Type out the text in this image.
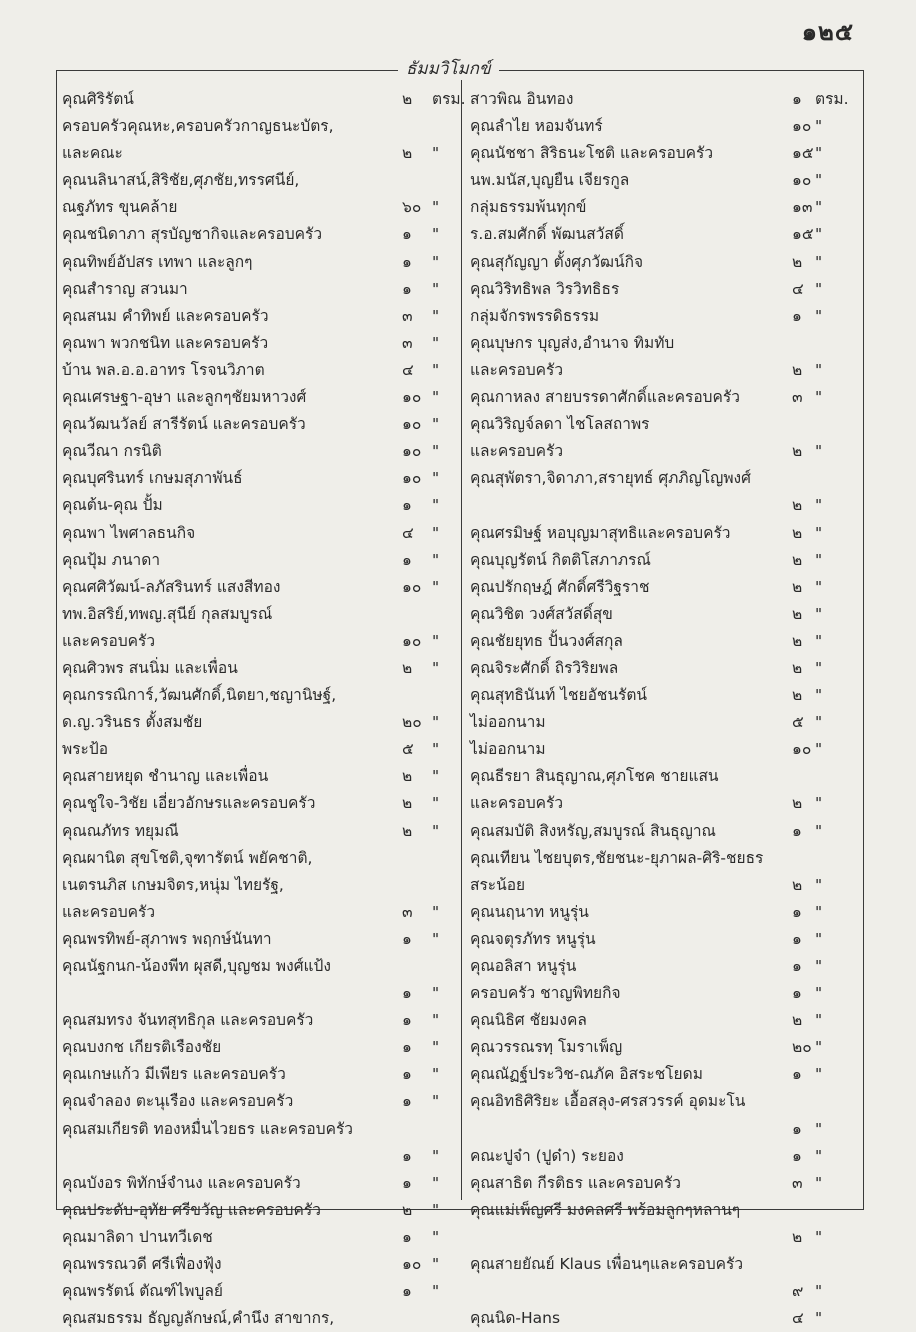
๑๒๕
ธัมมวิโมกข์
คุณศิริรัตน์	๒ ตรม.
ครอบครัวคุณหะ,ครอบครัวกาญธนะบัตร,
และคณะ	๒ "
คุณนลินาสน์,สิริชัย,ศุภชัย,ทรรศนีย์,
ณฐภัทร ขุนคล้าย	๖๐ "
คุณชนิดาภา สุรบัญชากิจและครอบครัว	๑ "
คุณทิพย์อัปสร เทพา และลูกๆ	๑ "
คุณสำราญ สวนมา	๑ "
คุณสนม คำทิพย์ และครอบครัว	๓ "
คุณพา พวกชนิท และครอบครัว	๓ "
บ้าน พล.อ.อ.อาทร โรจนวิภาต	๔ "
คุณเศรษฐา-อุษา และลูกๆชัยมหาวงศ์	๑๐ "
คุณวัฒนวัลย์ สารีรัตน์ และครอบครัว	๑๐ "
คุณวีณา กรนิติ	๑๐ "
คุณบุศรินทร์ เกษมสุภาพันธ์	๑๐ "
คุณต้น-คุณ ปั้ม	๑ "
คุณพา ไพศาลธนกิจ	๔ "
คุณปุ้ม ภนาดา	๑ "
คุณศศิวัฒน์-ลภัสรินทร์ แสงสีทอง	๑๐ "
ทพ.อิสริย์,ทพญ.สุนีย์ กุลสมบูรณ์
และครอบครัว	๑๐ "
คุณศิวพร สนนิ่ม และเพื่อน	๒ "
คุณกรรณิการ์,วัฒนศักดิ์,นิตยา,ชญานิษฐ์,
ด.ญ.วรินธร ตั้งสมชัย	๒๐ "
พระป้อ	๕ "
คุณสายหยุด ชำนาญ และเพื่อน	๒ "
คุณชูใจ-วิชัย เอี่ยวอักษรและครอบครัว	๒ "
คุณณภัทร ทยุมณี	๒ "
คุณผานิต สุขโชติ,จุฑารัตน์ พยัคชาติ,
เนตรนภิส เกษมจิตร,หนุ่ม ไทยรัฐ,
และครอบครัว	๓ "
คุณพรทิพย์-สุภาพร พฤกษ์นันทา	๑ "
คุณนัฐกนก-น้องพีท ผุสดี,บุญชม พงศ์แป้ง
๑ "
คุณสมทรง จันทสุทธิกุล และครอบครัว	๑ "
คุณบงกช เกียรติเรืองชัย	๑ "
คุณเกษแก้ว มีเพียร และครอบครัว	๑ "
คุณจำลอง ตะนุเรือง และครอบครัว	๑ "
คุณสมเกียรติ ทองหมื่นไวยธร และครอบครัว
๑ "
คุณบังอร พิทักษ์จำนง และครอบครัว	๑ "
คุณประดับ-อุทัย ศรีขวัญ และครอบครัว	๒ "
คุณมาลิดา ปานทวีเดช	๑ "
คุณพรรณวดี ศรีเฟื่องฟุ้ง	๑๐ "
คุณพรรัตน์ ตัณฑ์ไพบูลย์	๑ "
คุณสมธรรม ธัญญลักษณ์,คำนึง สาขากร,
สาวพิณ อินทอง	๑ ตรม.
คุณลำไย หอมจันทร์	๑๐ "
คุณนัชชา สิริธนะโชติ และครอบครัว	๑๕ "
นพ.มนัส,บุญยืน เจียรกูล	๑๐ "
กลุ่มธรรมพ้นทุกข์	๑๓ "
ร.อ.สมศักดิ์ พัฒนสวัสดิ์	๑๕ "
คุณสุกัญญา ตั้งศุภวัฒน์กิจ	๒ "
คุณวิริทธิพล วิรวิทธิธร	๔ "
กลุ่มจักรพรรดิธรรม	๑ "
คุณบุษกร บุญส่ง,อำนาจ ทิมทับ
และครอบครัว	๒ "
คุณกาหลง สายบรรดาศักดิ์และครอบครัว	๓ "
คุณวิริญจ์ลดา ไชโลสถาพร
และครอบครัว	๒ "
คุณสุพัตรา,จิดาภา,สรายุทธ์ ศุภภิญโญพงศ์
๒ "
คุณศรมิษฐ์ หอบุญมาสุทธิและครอบครัว	๒ "
คุณบุญรัตน์ กิตติโสภาภรณ์	๒ "
คุณปรักฤษฎ์ ศักดิ์ศรีวิฐราช	๒ "
คุณวิชิต วงศ์สวัสดิ์สุข	๒ "
คุณชัยยุทธ ปั้นวงศ์สกุล	๒ "
คุณจิระศักดิ์ ถิรวิริยพล	๒ "
คุณสุทธินันท์ ไชยอัชนรัตน์	๒ "
ไม่ออกนาม	๕ "
ไม่ออกนาม	๑๐ "
คุณธีรยา สินธุญาณ,ศุภโชค ชายแสน
และครอบครัว	๒ "
คุณสมบัติ สิงหรัญ,สมบูรณ์ สินธุญาณ	๑ "
คุณเทียน ไชยบุตร,ชัยชนะ-ยุภาผล-ศิริ-ชยธร
สระน้อย	๒ "
คุณนฤนาท หนูรุ่น	๑ "
คุณจตุรภัทร หนูรุ่น	๑ "
คุณอลิสา หนูรุ่น	๑ "
ครอบครัว ชาญพิทยกิจ	๑ "
คุณนิธิศ ชัยมงคล	๒ "
คุณวรรณรทฺ โมราเพ็ญ	๒๐ "
คุณณัฏฐ์ประวิช-ณภัค อิสระชโยดม	๑ "
คุณอิทธิศิริยะ เอื้อสลุง-ศรสวรรค์ อุดมะโน
๑ "
คณะปูจ๋า (ปูด๋า) ระยอง	๑ "
คุณสาธิต กีรติธร และครอบครัว	๓ "
คุณแม่เพ็ญศรี มงคลศรี พร้อมลูกๆหลานๆ
๒ "
คุณสายยัณย์ Klaus เพื่อนๆและครอบครัว
๙ "
คุณนิด-Hans	๔ "
